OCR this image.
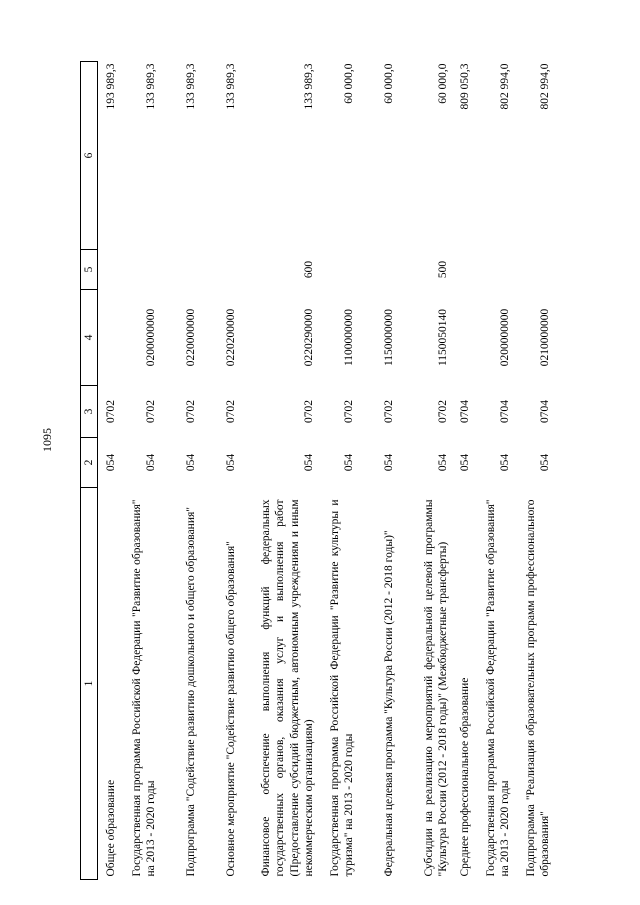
1095
1	2	3	4	5	6
Общее образование	054	0702			193 989,3
Государственная программа Российской Федерации "Развитие образования" на 2013 - 2020 годы	054	0702	0200000000		133 989,3
Подпрограмма "Содействие развитию дошкольного и общего образования"	054	0702	0220000000		133 989,3
Основное мероприятие "Содействие развитию общего образования"	054	0702	0220200000		133 989,3
Финансовое обеспечение выполнения функций федеральных государственных органов, оказания услуг и выполнения работ (Предоставление субсидий бюджетным, автономным учреждениям и иным некоммерческим организациям)	054	0702	0220290000	600	133 989,3
Государственная программа Российской Федерации "Развитие культуры и туризма" на 2013 - 2020 годы	054	0702	1100000000		60 000,0
Федеральная целевая программа "Культура России (2012 - 2018 годы)"	054	0702	1150000000		60 000,0
Субсидии на реализацию мероприятий федеральной целевой программы "Культура России (2012 - 2018 годы)" (Межбюджетные трансферты)	054	0702	1150050140	500	60 000,0
Среднее профессиональное образование	054	0704			809 050,3
Государственная программа Российской Федерации "Развитие образования" на 2013 - 2020 годы	054	0704	0200000000		802 994,0
Подпрограмма "Реализация образовательных программ профессионального образования"	054	0704	0210000000		802 994,0
